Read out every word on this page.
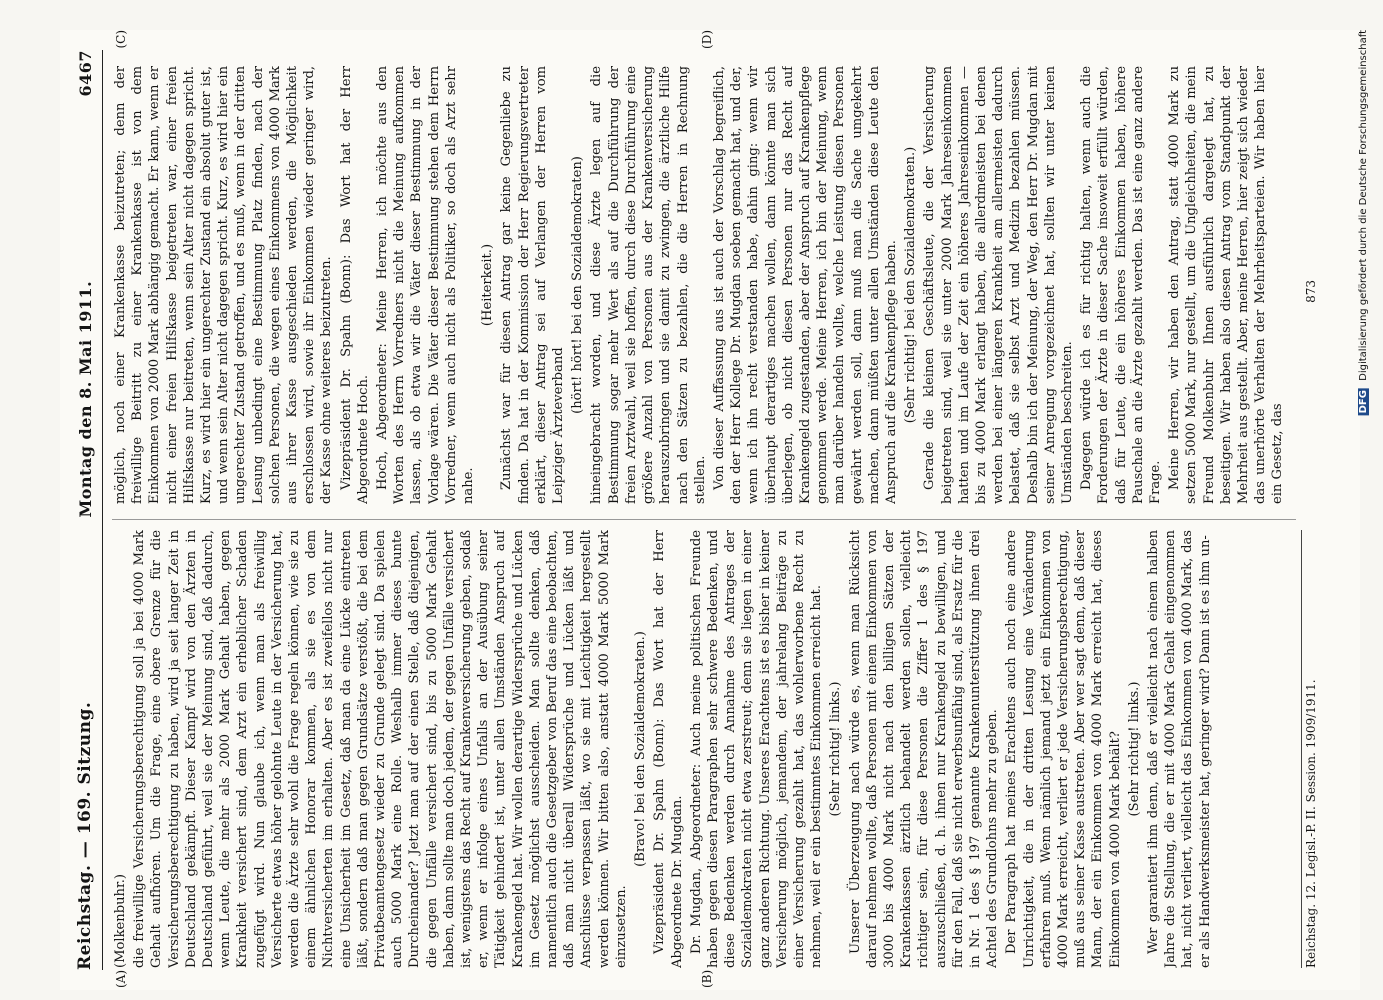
Reichstag. — 169. Sitzung.
Montag den 8. Mai 1911.
6467
(A)	(B)
(C)	(D)

(Molkenbuhr.) die freiwillige Versicherungsberechtigung soll ja bei 4000 Mark Gehalt aufhören. Um die Frage, eine obere Grenze für die Versicherungsberechtigung zu haben, wird ja seit langer Zeit in Deutschland gekämpft. Dieser Kampf wird von den Ärzten in Deutschland geführt, weil sie der Meinung sind, daß dadurch, wenn Leute, die mehr als 2000 Mark Gehalt haben, gegen Krankheit versichert sind, dem Arzt ein erheblicher Schaden zugefügt wird. Nun glaube ich, wenn man als freiwillig Versicherte etwas höher gelohnte Leute in der Versicherung hat, werden die Ärzte sehr wohl die Frage regeln können, wie sie zu einem ähnlichen Honorar kommen, als sie es von dem Nichtversicherten im erhalten. Aber es ist zweifellos nicht nur eine Unsicherheit im Gesetz, daß man da eine Lücke eintreten läßt, sondern daß man gegen Grundsätze verstößt, die bei dem Privatbeamtengesetz wieder zu Grunde gelegt sind. Da spielen auch 5000 Mark eine Rolle. Weshalb immer dieses bunte Durcheinander? Jetzt man auf der einen Stelle, daß diejenigen, die gegen Unfälle versichert sind, bis zu 5000 Mark Gehalt haben, dann sollte man doch jedem, der gegen Unfälle versichert ist, wenigstens das Recht auf Krankenversicherung geben, sodaß er, wenn er infolge eines Unfalls an der Ausübung seiner Tätigkeit gehindert ist, unter allen Umständen Anspruch auf Krankengeld hat. Wir wollen derartige Widersprüche und Lücken im Gesetz möglichst ausscheiden. Man sollte denken, daß namentlich auch die Gesetzgeber von Beruf das eine beobachten, daß man nicht überall Widersprüche und Lücken läßt und Anschlüsse verpassen läßt, wo sie mit Leichtigkeit hergestellt werden können. Wir bitten also, anstatt 4000 Mark 5000 Mark einzusetzen.

(Bravo! bei den Sozialdemokraten.) Vizepräsident Dr. Spahn (Bonn): Das Wort hat der Herr Abgeordnete Dr. Mugdan. Dr. Mugdan, Abgeordneter: Auch meine politischen Freunde haben gegen diesen Paragraphen sehr schwere Bedenken, und diese Bedenken werden durch Annahme des Antrages der Sozialdemokraten nicht etwa zerstreut; denn sie liegen in einer ganz anderen Richtung. Unseres Erachtens ist es bisher in keiner Versicherung möglich, jemandem, der jahrelang Beiträge zu einer Versicherung gezahlt hat, das wohlerworbene Recht zu nehmen, weil er ein bestimmtes Einkommen erreicht hat. (Sehr richtig! links.) Unserer Überzeugung nach würde es, wenn man Rücksicht darauf nehmen wollte, daß Personen mit einem Einkommen von 3000 bis 4000 Mark nicht nach den billigen Sätzen der Krankenkassen ärztlich behandelt werden sollen, vielleicht richtiger sein, für diese Personen die Ziffer 1 des § 197 auszuschließen, d. h. ihnen nur Krankengeld zu bewilligen, und für den Fall, daß sie nicht erwerbsunfähig sind, als Ersatz für die in Nr. 1 des § 197 genannte Krankenunterstützung ihnen drei Achtel des Grundlohns mehr zu geben. Der Paragraph hat meines Erachtens auch noch eine andere Unrichtigkeit, die in der dritten Lesung eine Veränderung erfahren muß. Wenn nämlich jemand jetzt ein Einkommen von 4000 Mark erreicht, verliert er jede Versicherungsberechtigung, muß aus seiner Kasse austreten. Aber wer sagt denn, daß dieser Mann, der ein Einkommen von 4000 Mark erreicht hat, dieses Einkommen von 4000 Mark behält? (Sehr richtig! links.) Wer garantiert ihm denn, daß er vielleicht nach einem halben Jahre die Stellung, die er mit 4000 Mark Gehalt eingenommen hat, nicht verliert, vielleicht das Einkommen von 4000 Mark, das er als Handwerksmeister hat, geringer wird? Dann ist es ihm un-

möglich, noch einer Krankenkasse beizutreten; denn der freiwillige Beitritt zu einer Krankenkasse ist von dem Einkommen von 2000 Mark abhängig gemacht. Er kann, wenn er nicht einer freien Hilfskasse beigetreten war, einer freien Hilfskasse nur beitreten, wenn sein Alter nicht dagegen spricht. Kurz, es wird hier ein ungerechter Zustand ein absolut guter ist, und wenn sein Alter nicht dagegen spricht. Kurz, es wird hier ein ungerechter Zustand getroffen, und es muß, wenn in der dritten Lesung unbedingt eine Bestimmung Platz finden, nach der solchen Personen, die wegen eines Einkommens von 4000 Mark aus ihrer Kasse ausgeschieden werden, die Möglichkeit erschlossen wird, sowie ihr Einkommen wieder geringer wird, der Kasse ohne weiteres beizutreten. Vizepräsident Dr. Spahn (Bonn): Das Wort hat der Herr Abgeordnete Hoch. Hoch, Abgeordneter: Meine Herren, ich möchte aus den Worten des Herrn Vorredners nicht die Meinung aufkommen lassen, als ob etwa wir die Väter dieser Bestimmung in der Vorlage wären. Die Väter dieser Bestimmung stehen dem Herrn Vorredner, wenn auch nicht als Politiker, so doch als Arzt sehr nahe.

(Heiterkeit.) Zunächst war für diesen Antrag gar keine Gegenliebe zu finden. Da hat in der Kommission der Herr Regierungsvertreter erklärt, dieser Antrag sei auf Verlangen der Herren vom Leipziger Ärzteverband

(hört! hört! bei den Sozialdemokraten) hineingebracht worden, und diese Ärzte legen auf die Bestimmung sogar mehr Wert als auf die Durchführung der freien Arztwahl, weil sie hoffen, durch diese Durchführung eine größere Anzahl von Personen aus der Krankenversicherung herauszubringen und sie damit zu zwingen, die ärztliche Hilfe nach den Sätzen zu bezahlen, die die Herren in Rechnung stellen. Von dieser Auffassung aus ist auch der Vorschlag begreiflich, den der Herr Kollege Dr. Mugdan soeben gemacht hat, und der, wenn ich ihn recht verstanden habe, dahin ging: wenn wir überhaupt derartiges machen wollen, dann könnte man sich überlegen, ob nicht diesen Personen nur das Recht auf Krankengeld zugestanden, aber der Anspruch auf Krankenpflege genommen werde. Meine Herren, ich bin der Meinung, wenn man darüber handeln wollte, welche Leistung diesen Personen gewährt werden soll, dann muß man die Sache umgekehrt machen, dann müßten unter allen Umständen diese Leute den Anspruch auf die Krankenpflege haben. (Sehr richtig! bei den Sozialdemokraten.) Gerade die kleinen Geschäftsleute, die der Versicherung beigetreten sind, weil sie unter 2000 Mark Jahreseinkommen hatten und im Laufe der Zeit ein höheres Jahreseinkommen — bis zu 4000 Mark erlangt haben, die allerdmeisten bei denen werden bei einer längeren Krankheit am allermeisten dadurch belastet, daß sie selbst Arzt und Medizin bezahlen müssen. Deshalb bin ich der Meinung, der Weg, den Herr Dr. Mugdan mit seiner Anregung vorgezeichnet hat, sollten wir unter keinen Umständen beschreiten. Dagegen würde ich es für richtig halten, wenn auch die Forderungen der Ärzte in dieser Sache insoweit erfüllt würden, daß für Leute, die ein höheres Einkommen haben, höhere Pauschale an die Ärzte gezahlt werden. Das ist eine ganz andere Frage. Meine Herren, wir haben den Antrag, statt 4000 Mark zu setzen 5000 Mark, nur gestellt, um die Ungleichheiten, die mein Freund Molkenbuhr Ihnen ausführlich dargelegt hat, zu beseitigen. Wir haben also diesen Antrag vom Standpunkt der Mehrheit aus gestellt. Aber, meine Herren, hier zeigt sich wieder das unerhörte Verhalten der Mehrheitsparteien. Wir haben hier ein Gesetz, das

Reichstag. 12. Legisl.-P. II. Session. 1909/1911.
873
DFG Digitalisierung gefördert durch die Deutsche Forschungsgemeinschaft
